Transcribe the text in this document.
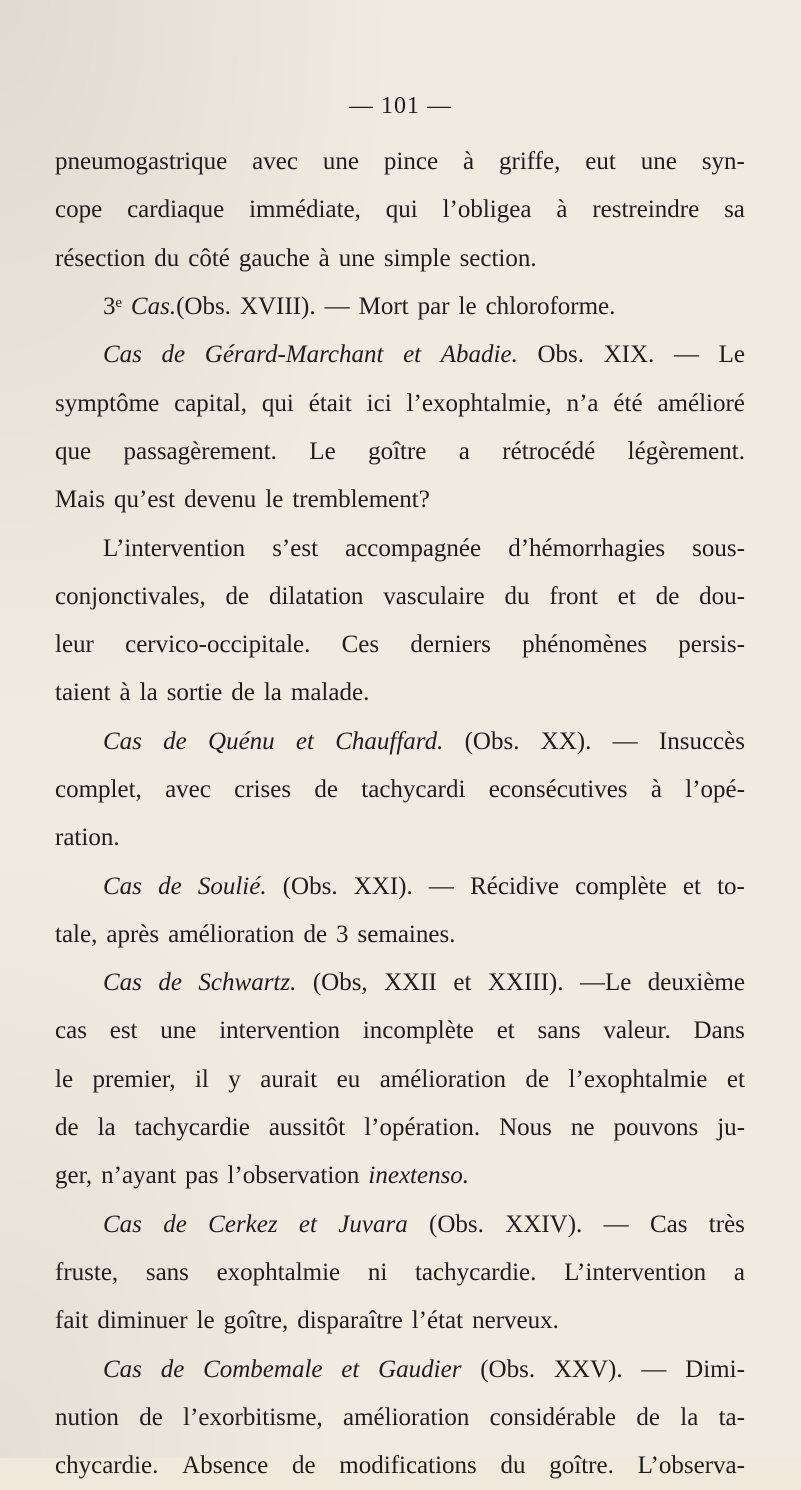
— 101 —
pneumogastrique avec une pince à griffe, eut une syn-
cope cardiaque immédiate, qui l’obligea à restreindre sa
résection du côté gauche à une simple section.
3ᵉ Cas. (Obs. XVIII). — Mort par le chloroforme.
Cas de Gérard-Marchant et Abadie. Obs. XIX. — Le
symptôme capital, qui était ici l’exophtalmie, n’a été amélioré
que passagèrement. Le goître a rétrocédé légèrement.
Mais qu’est devenu le tremblement?
L’intervention s’est accompagnée d’hémorrhagies sous-
conjonctivales, de dilatation vasculaire du front et de dou-
leur cervico-occipitale. Ces derniers phénomènes persis-
taient à la sortie de la malade.
Cas de Quénu et Chauffard. (Obs. XX). — Insuccès
complet, avec crises de tachycardi econsécutives à l’opé-
ration.
Cas de Soulié. (Obs. XXI). — Récidive complète et to-
tale, après amélioration de 3 semaines.
Cas de Schwartz. (Obs, XXII et XXIII). —Le deuxième
cas est une intervention incomplète et sans valeur. Dans
le premier, il y aurait eu amélioration de l’exophtalmie et
de la tachycardie aussitôt l’opération. Nous ne pouvons ju-
ger, n’ayant pas l’observation in extenso.
Cas de Cerkez et Juvara (Obs. XXIV). — Cas très
fruste, sans exophtalmie ni tachycardie. L’intervention a
fait diminuer le goître, disparaître l’état nerveux.
Cas de Combemale et Gaudier (Obs. XXV). — Dimi-
nution de l’exorbitisme, amélioration considérable de la ta-
chycardie. Absence de modifications du goître. L’observa-
